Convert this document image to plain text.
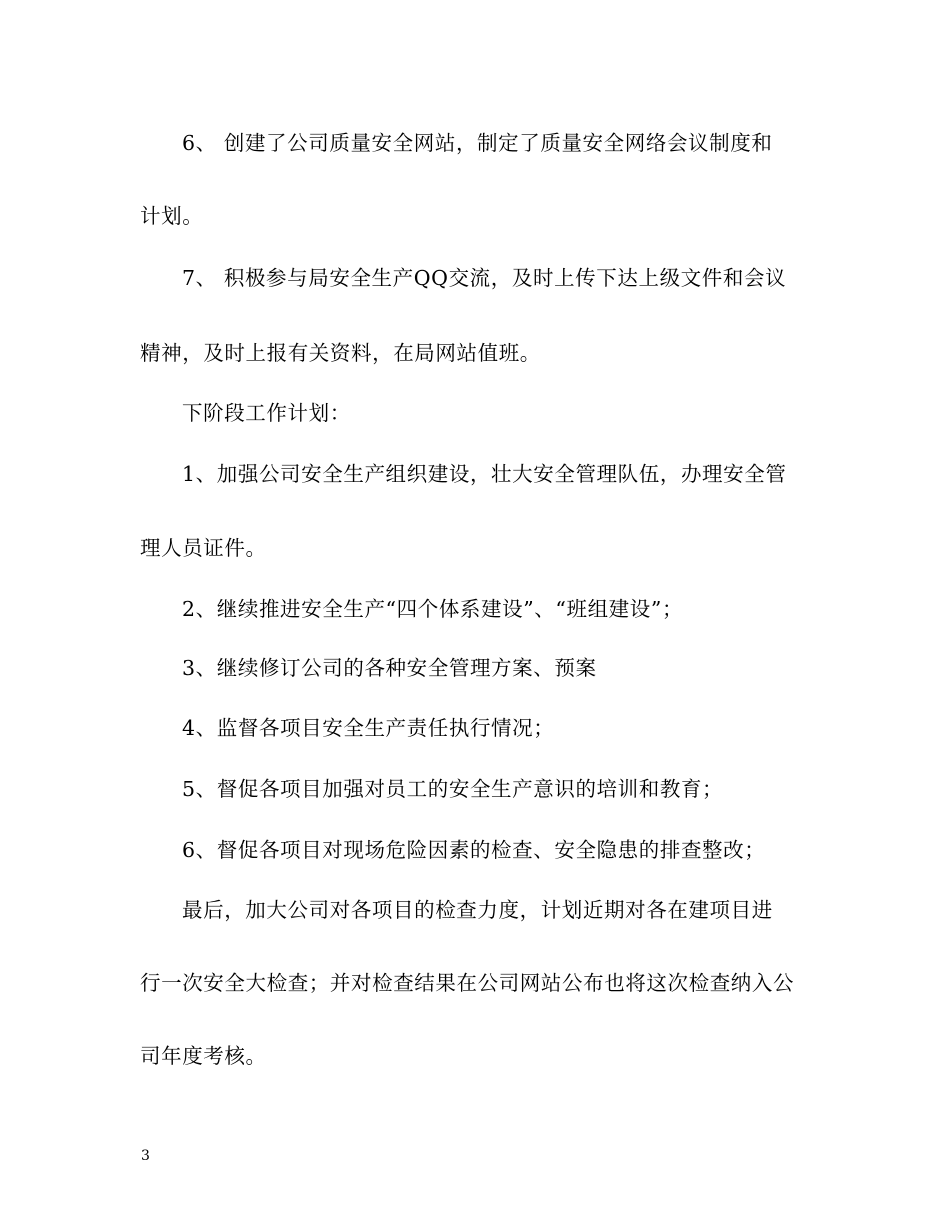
6、 创建了公司质量安全网站，制定了质量安全网络会议制度和
计划。
7、 积极参与局安全生产QQ交流，及时上传下达上级文件和会议
精神，及时上报有关资料，在局网站值班。
下阶段工作计划：
1、加强公司安全生产组织建设，壮大安全管理队伍，办理安全管
理人员证件。
2、继续推进安全生产“四个体系建设”、“班组建设”；
3、继续修订公司的各种安全管理方案、预案
4、监督各项目安全生产责任执行情况；
5、督促各项目加强对员工的安全生产意识的培训和教育；
6、督促各项目对现场危险因素的检查、安全隐患的排查整改；
最后，加大公司对各项目的检查力度，计划近期对各在建项目进
行一次安全大检查；并对检查结果在公司网站公布也将这次检查纳入公
司年度考核。
3
